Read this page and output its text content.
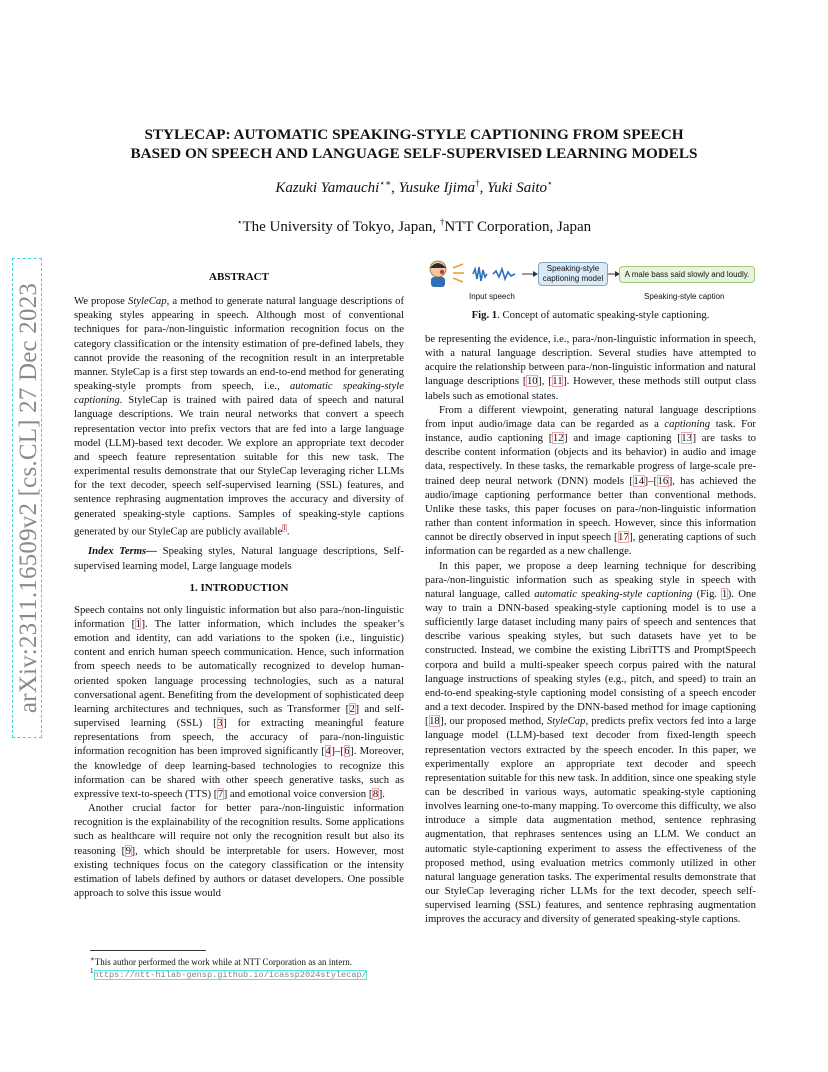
arXiv:2311.16509v2 [cs.CL] 27 Dec 2023
STYLECAP: AUTOMATIC SPEAKING-STYLE CAPTIONING FROM SPEECH
BASED ON SPEECH AND LANGUAGE SELF-SUPERVISED LEARNING MODELS
Kazuki Yamauchi⋆∗, Yusuke Ijima†, Yuki Saito⋆
⋆The University of Tokyo, Japan, †NTT Corporation, Japan

ABSTRACT

We propose StyleCap, a method to generate natural language descriptions of speaking styles appearing in speech. Although most of conventional techniques for para-/non-linguistic information recognition focus on the category classification or the intensity estimation of pre-defined labels, they cannot provide the reasoning of the recognition result in an interpretable manner. StyleCap is a first step towards an end-to-end method for generating speaking-style prompts from speech, i.e., automatic speaking-style captioning. StyleCap is trained with paired data of speech and natural language descriptions. We train neural networks that convert a speech representation vector into prefix vectors that are fed into a large language model (LLM)-based text decoder. We explore an appropriate text decoder and speech feature representation suitable for this new task. The experimental results demonstrate that our StyleCap leveraging richer LLMs for the text decoder, speech self-supervised learning (SSL) features, and sentence rephrasing augmentation improves the accuracy and diversity of generated speaking-style captions. Samples of speaking-style captions generated by our StyleCap are publicly available$^1$.

Index Terms— Speaking styles, Natural language descriptions, Self-supervised learning model, Large language models

1. INTRODUCTION

Speech contains not only linguistic information but also para-/non-linguistic information [1]. The latter information, which includes the speaker’s emotion and identity, can add variations to the spoken (i.e., linguistic) content and enrich human speech communication. Hence, such information from speech needs to be automatically recognized to develop human-oriented spoken language processing technologies, such as a natural conversational agent. Benefiting from the development of sophisticated deep learning architectures and techniques, such as Transformer [2] and self-supervised learning (SSL) [3] for extracting meaningful feature representations from speech, the accuracy of para-/non-linguistic information recognition has been improved significantly [4]–[6]. Moreover, the knowledge of deep learning-based technologies to recognize this information can be shared with other speech generative tasks, such as expressive text-to-speech (TTS) [7] and emotional voice conversion [8].

Another crucial factor for better para-/non-linguistic information recognition is the explainability of the recognition results. Some applications such as healthcare will require not only the recognition result but also its reasoning [9], which should be interpretable for users. However, most existing techniques focus on the category classification or the intensity estimation of labels defined by authors or dataset developers. One possible approach to solve this issue would

∗This author performed the work while at NTT Corporation as an intern.
$^1$https://ntt-hilab-gensp.github.io/icassp2024stylecap/
Speaking-style
captioning model	A male bass said slowly and loudly.
Input speech	Speaking-style caption
Fig. 1. Concept of automatic speaking-style captioning.

be representing the evidence, i.e., para-/non-linguistic information in speech, with a natural language description. Several studies have attempted to acquire the relationship between para-/non-linguistic information and natural language descriptions [10], [11]. However, these methods still output class labels such as emotional states.

From a different viewpoint, generating natural language descriptions from input audio/image data can be regarded as a captioning task. For instance, audio captioning [12] and image captioning [13] are tasks to describe content information (objects and its behavior) in audio and image data, respectively. In these tasks, the remarkable progress of large-scale pre-trained deep neural network (DNN) models [14]–[16], has achieved the audio/image captioning performance better than conventional methods. Unlike these tasks, this paper focuses on para-/non-linguistic information rather than content information in speech. However, since this information cannot be directly observed in input speech [17], generating captions of such information can be regarded as a new challenge.

In this paper, we propose a deep learning technique for describing para-/non-linguistic information such as speaking style in speech with natural language, called automatic speaking-style captioning (Fig. 1). One way to train a DNN-based speaking-style captioning model is to use a sufficiently large dataset including many pairs of speech and sentences that describe various speaking styles, but such datasets have yet to be constructed. Instead, we combine the existing LibriTTS and PromptSpeech corpora and build a multi-speaker speech corpus paired with the natural language instructions of speaking styles (e.g., pitch, and speed) to train an end-to-end speaking-style captioning model consisting of a speech encoder and a text decoder. Inspired by the DNN-based method for image captioning [18], our proposed method, StyleCap, predicts prefix vectors fed into a large language model (LLM)-based text decoder from fixed-length speech representation vectors extracted by the speech encoder. In this paper, we experimentally explore an appropriate text decoder and speech representation suitable for this new task. In addition, since one speaking style can be described in various ways, automatic speaking-style captioning involves learning one-to-many mapping. To overcome this difficulty, we also introduce a simple data augmentation method, sentence rephrasing augmentation, that rephrases sentences using an LLM. We conduct an automatic style-captioning experiment to assess the effectiveness of the proposed method, using evaluation metrics commonly utilized in other natural language generation tasks. The experimental results demonstrate that our StyleCap leveraging richer LLMs for the text decoder, speech self-supervised learning (SSL) features, and sentence rephrasing augmentation improves the accuracy and diversity of generated speaking-style captions.
